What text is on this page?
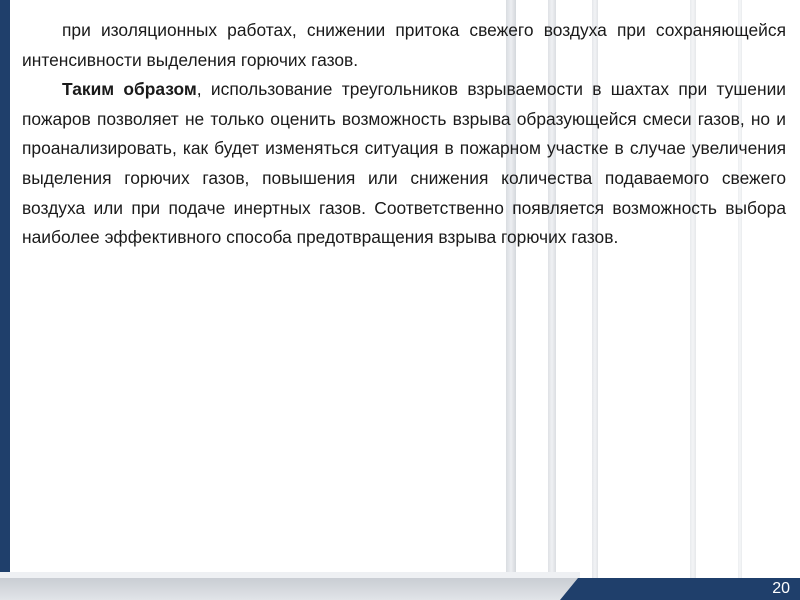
при изоляционных работах, снижении притока свежего воздуха при сохраняющейся интенсивности выделения горючих газов.

Таким образом, использование треугольников взрываемости в шахтах при тушении пожаров позволяет не только оценить возможность взрыва образующейся смеси газов, но и проанализировать, как будет изменяться ситуация в пожарном участке в случае увеличения выделения горючих газов, повышения или снижения количества подаваемого свежего воздуха или при подаче инертных газов. Соответственно появляется возможность выбора наиболее эффективного способа предотвращения взрыва горючих газов.

20
